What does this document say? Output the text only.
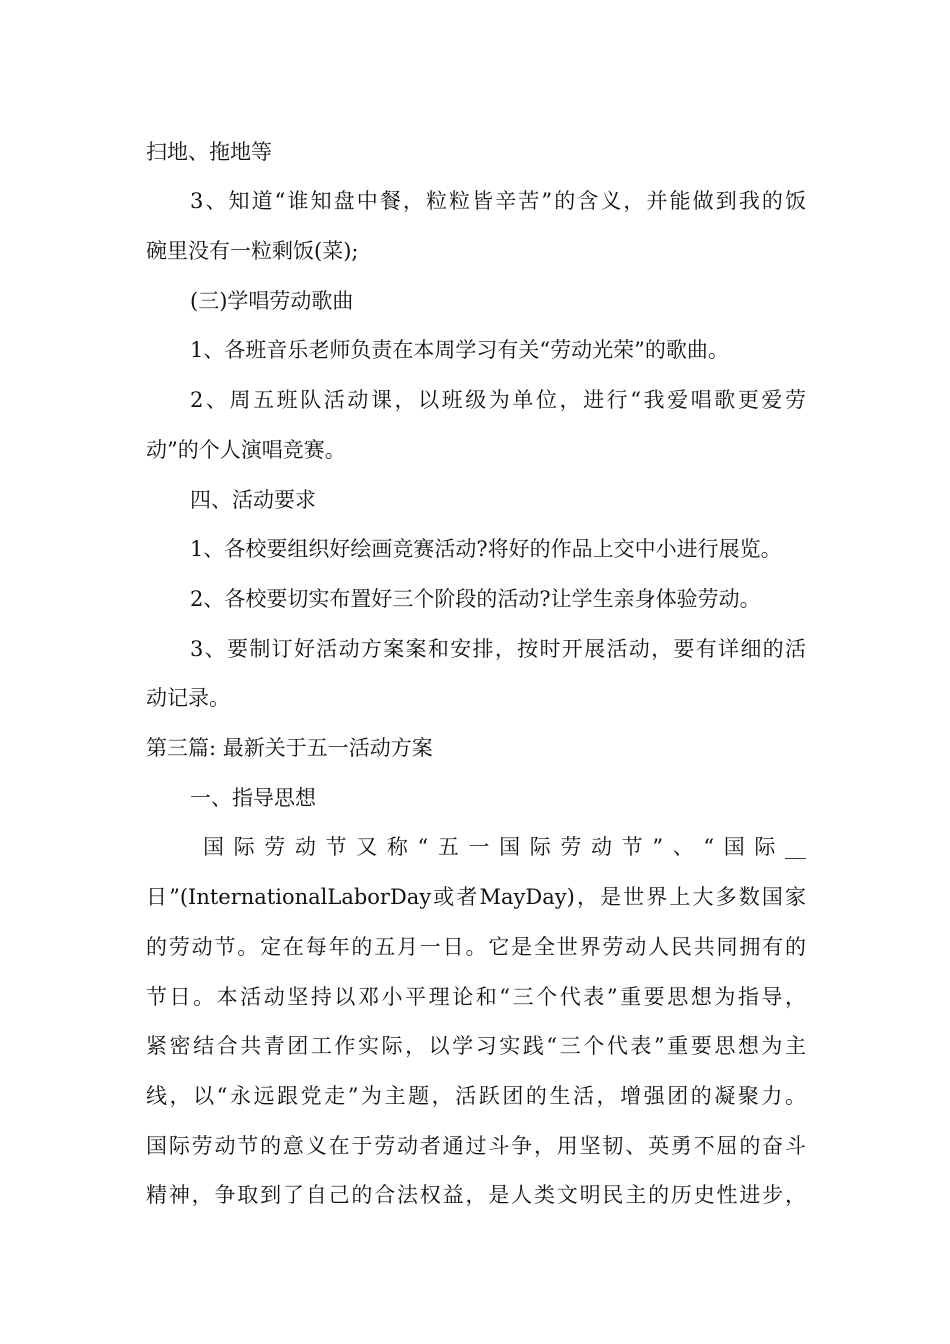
扫地、拖地等
3、知道“谁知盘中餐，粒粒皆辛苦”的含义，并能做到我的饭
碗里没有一粒剩饭(菜);
(三)学唱劳动歌曲
1、各班音乐老师负责在本周学习有关“劳动光荣”的歌曲。
2、周五班队活动课，以班级为单位，进行“我爱唱歌更爱劳
动”的个人演唱竞赛。
四、活动要求
1、各校要组织好绘画竞赛活动?将好的作品上交中小进行展览。
2、各校要切实布置好三个阶段的活动?让学生亲身体验劳动。
3、要制订好活动方案案和安排，按时开展活动，要有详细的活
动记录。
第三篇: 最新关于五一活动方案
一、指导思想
国际劳动节又称“五一国际劳动节”、“国际__
日”(InternationalLaborDay或者MayDay)，是世界上大多数国家
的劳动节。定在每年的五月一日。它是全世界劳动人民共同拥有的
节日。本活动坚持以邓小平理论和“三个代表”重要思想为指导，
紧密结合共青团工作实际，以学习实践“三个代表”重要思想为主
线，以“永远跟党走”为主题，活跃团的生活，增强团的凝聚力。
国际劳动节的意义在于劳动者通过斗争，用坚韧、英勇不屈的奋斗
精神，争取到了自己的合法权益，是人类文明民主的历史性进步，
